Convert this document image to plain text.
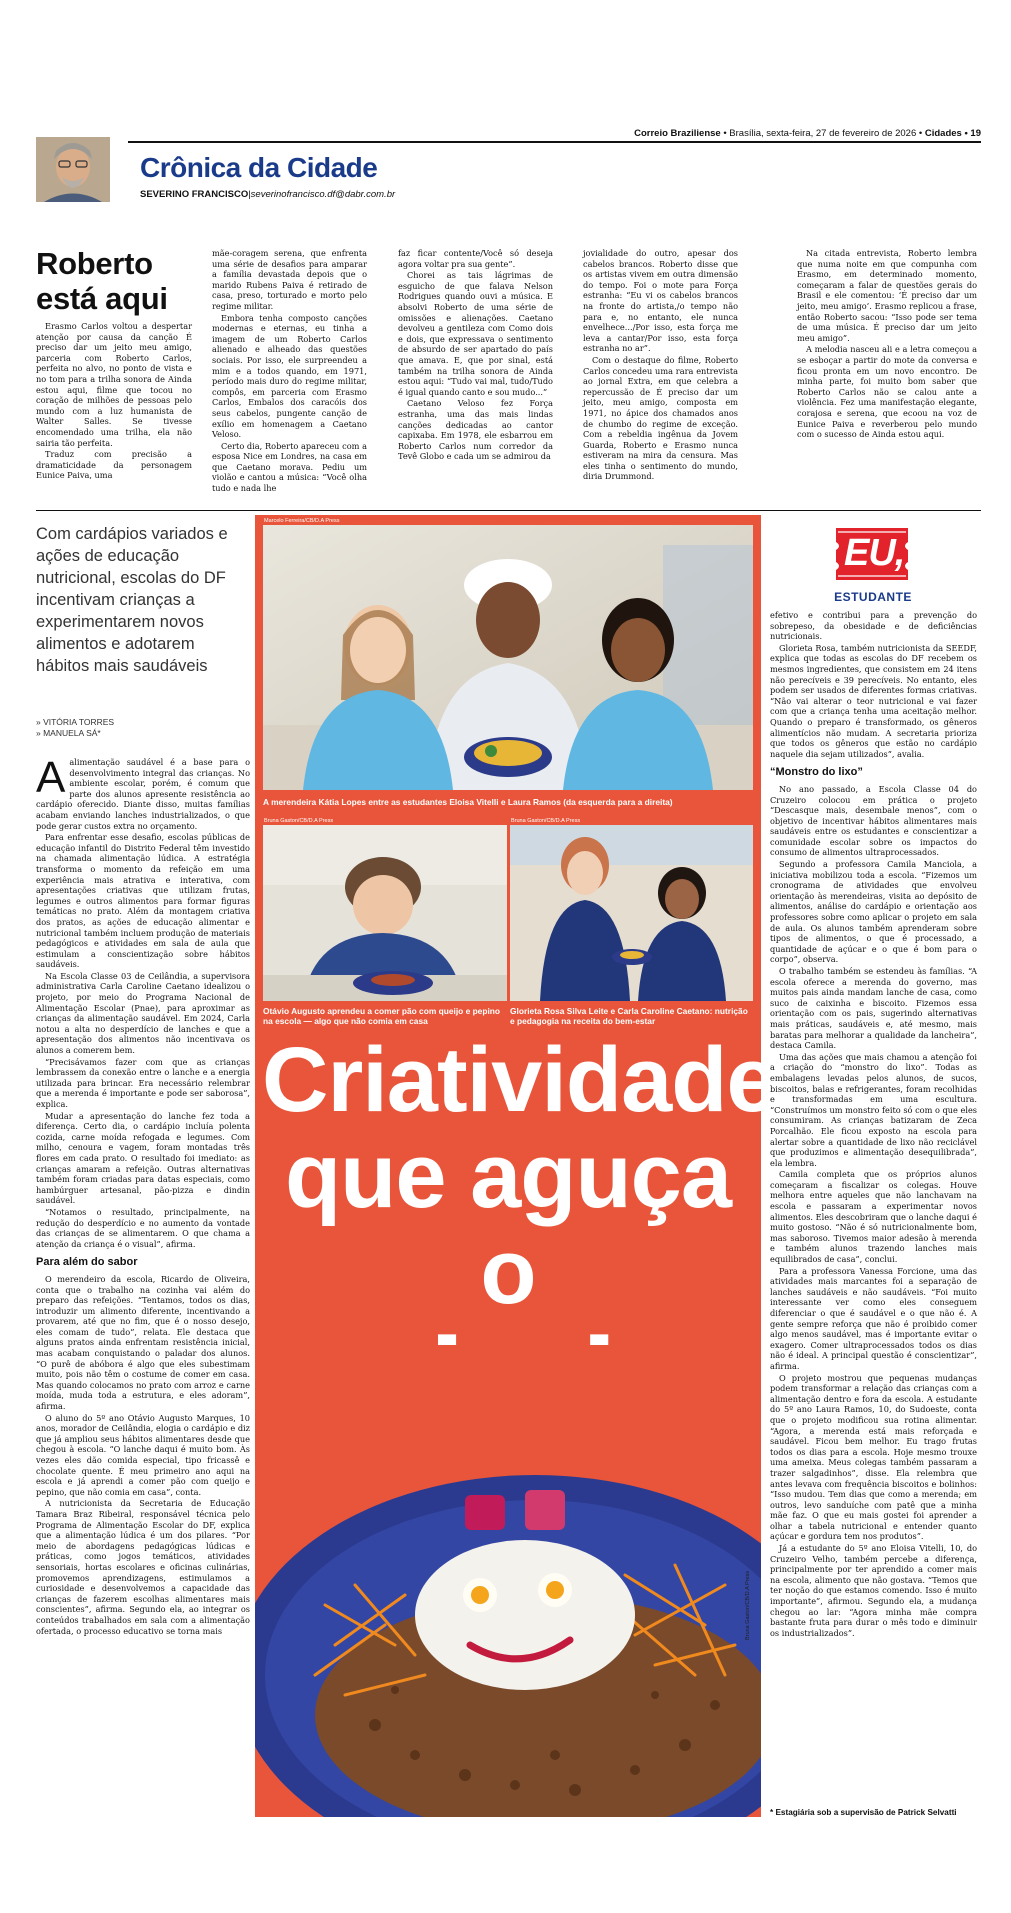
Correio Braziliense • Brasília, sexta-feira, 27 de fevereiro de 2026 • Cidades • 19
Crônica da Cidade
SEVERINO FRANCISCO|severinofrancisco.df@dabr.com.br
Roberto
está aqui

Erasmo Carlos voltou a despertar atenção por causa da canção É preciso dar um jeito meu amigo, parceria com Roberto Carlos, perfeita no alvo, no ponto de vista e no tom para a trilha sonora de Ainda estou aqui, filme que tocou no coração de milhões de pessoas pelo mundo com a luz humanista de Walter Salles. Se tivesse encomendado uma trilha, ela não sairia tão perfeita.

Traduz com precisão a dramaticidade da personagem Eunice Paiva, uma

mãe-coragem serena, que enfrenta uma série de desafios para amparar a família devastada depois que o marido Rubens Paiva é retirado de casa, preso, torturado e morto pelo regime militar.

Embora tenha composto canções modernas e eternas, eu tinha a imagem de um Roberto Carlos alienado e alheado das questões sociais. Por isso, ele surpreendeu a mim e a todos quando, em 1971, período mais duro do regime militar, compôs, em parceria com Erasmo Carlos, Embalos dos caracóis dos seus cabelos, pungente canção de exílio em homenagem a Caetano Veloso.

Certo dia, Roberto apareceu com a esposa Nice em Londres, na casa em que Caetano morava. Pediu um violão e cantou a música: “Você olha tudo e nada lhe

faz ficar contente/Você só deseja agora voltar pra sua gente”.

Chorei as tais lágrimas de esguicho de que falava Nelson Rodrigues quando ouvi a música. E absolvi Roberto de uma série de omissões e alienações. Caetano devolveu a gentileza com Como dois e dois, que expressava o sentimento de absurdo de ser apartado do país que amava. E, que por sinal, está também na trilha sonora de Ainda estou aqui: “Tudo vai mal, tudo/Tudo é igual quando canto e sou mudo...”

Caetano Veloso fez Força estranha, uma das mais lindas canções dedicadas ao cantor capixaba. Em 1978, ele esbarrou em Roberto Carlos num corredor da Tevê Globo e cada um se admirou da

jovialidade do outro, apesar dos cabelos brancos. Roberto disse que os artistas vivem em outra dimensão do tempo. Foi o mote para Força estranha: “Eu vi os cabelos brancos na fronte do artista,/o tempo não para e, no entanto, ele nunca envelhece.../Por isso, esta força me leva a cantar/Por isso, esta força estranha no ar”.

Com o destaque do filme, Roberto Carlos concedeu uma rara entrevista ao jornal Extra, em que celebra a repercussão de É preciso dar um jeito, meu amigo, composta em 1971, no ápice dos chamados anos de chumbo do regime de exceção. Com a rebeldia ingênua da Jovem Guarda, Roberto e Erasmo nunca estiveram na mira da censura. Mas eles tinha o sentimento do mundo, diria Drummond.

Na citada entrevista, Roberto lembra que numa noite em que compunha com Erasmo, em determinado momento, começaram a falar de questões gerais do Brasil e ele comentou: ‘É preciso dar um jeito, meu amigo’. Erasmo replicou a frase, então Roberto sacou: “Isso pode ser tema de uma música. É preciso dar um jeito meu amigo”.

A melodia nasceu ali e a letra começou a se esboçar a partir do mote da conversa e ficou pronta em um novo encontro. De minha parte, foi muito bom saber que Roberto Carlos não se calou ante a violência. Fez uma manifestação elegante, corajosa e serena, que ecoou na voz de Eunice Paiva e reverberou pelo mundo com o sucesso de Ainda estou aqui.

Com cardápios variados e ações de educação nutricional, escolas do DF incentivam crianças a experimentarem novos alimentos e adotarem hábitos mais saudáveis
» VITÓRIA TORRES
» MANUELA SÁ*

Aalimentação saudável é a base para o desenvolvimento integral das crianças. No ambiente escolar, porém, é comum que parte dos alunos apresente resistência ao cardápio oferecido. Diante disso, muitas famílias acabam enviando lanches industrializados, o que pode gerar custos extra no orçamento.

Para enfrentar esse desafio, escolas públicas de educação infantil do Distrito Federal têm investido na chamada alimentação lúdica. A estratégia transforma o momento da refeição em uma experiência mais atrativa e interativa, com apresentações criativas que utilizam frutas, legumes e outros alimentos para formar figuras temáticas no prato. Além da montagem criativa dos pratos, as ações de educação alimentar e nutricional também incluem produção de materiais pedagógicos e atividades em sala de aula que estimulam a conscientização sobre hábitos saudáveis.

Na Escola Classe 03 de Ceilândia, a supervisora administrativa Carla Caroline Caetano idealizou o projeto, por meio do Programa Nacional de Alimentação Escolar (Pnae), para aproximar as crianças da alimentação saudável. Em 2024, Carla notou a alta no desperdício de lanches e que a apresentação dos alimentos não incentivava os alunos a comerem bem.

“Precisávamos fazer com que as crianças lembrassem da conexão entre o lanche e a energia utilizada para brincar. Era necessário relembrar que a merenda é importante e pode ser saborosa”, explica.

Mudar a apresentação do lanche fez toda a diferença. Certo dia, o cardápio incluía polenta cozida, carne moída refogada e legumes. Com milho, cenoura e vagem, foram montadas três flores em cada prato. O resultado foi imediato: as crianças amaram a refeição. Outras alternativas também foram criadas para datas especiais, como hambúrguer artesanal, pão-pizza e dindin saudável.

“Notamos o resultado, principalmente, na redução do desperdício e no aumento da vontade das crianças de se alimentarem. O que chama a atenção da criança é o visual”, afirma.

Para além do sabor

O merendeiro da escola, Ricardo de Oliveira, conta que o trabalho na cozinha vai além do preparo das refeições. “Tentamos, todos os dias, introduzir um alimento diferente, incentivando a provarem, até que no fim, que é o nosso desejo, eles comam de tudo”, relata. Ele destaca que alguns pratos ainda enfrentam resistência inicial, mas acabam conquistando o paladar dos alunos. “O purê de abóbora é algo que eles subestimam muito, pois não têm o costume de comer em casa. Mas quando colocamos no prato com arroz e carne moída, muda toda a estrutura, e eles adoram”, afirma.

O aluno do 5º ano Otávio Augusto Marques, 10 anos, morador de Ceilândia, elogia o cardápio e diz que já ampliou seus hábitos alimentares desde que chegou à escola. “O lanche daqui é muito bom. Às vezes eles dão comida especial, tipo fricassê e chocolate quente. É meu primeiro ano aqui na escola e já aprendi a comer pão com queijo e pepino, que não comia em casa”, conta.

A nutricionista da Secretaria de Educação Tamara Braz Ribeiral, responsável técnica pelo Programa de Alimentação Escolar do DF, explica que a alimentação lúdica é um dos pilares. “Por meio de abordagens pedagógicas lúdicas e práticas, como jogos temáticos, atividades sensoriais, hortas escolares e oficinas culinárias, promovemos aprendizagens, estimulamos a curiosidade e desenvolvemos a capacidade das crianças de fazerem escolhas alimentares mais conscientes”, afirma. Segundo ela, ao integrar os conteúdos trabalhados em sala com a alimentação ofertada, o processo educativo se torna mais

Marcelo Ferreira/CB/D.A Press
A merendeira Kátia Lopes entre as estudantes Eloisa Vitelli e Laura Ramos (da esquerda para a direita)
Bruna Gaston/CB/D.A Press
Otávio Augusto aprendeu a comer pão com queijo e pepino na escola — algo que não comia em casa
Bruna Gaston/CB/D.A Press
Glorieta Rosa Silva Leite e Carla Caroline Caetano: nutrição e pedagogia na receita do bem-estar
Criatividade
que aguça o
Bruna Gaston/CB/D.A Press
EU,
ESTUDANTE

efetivo e contribui para a prevenção do sobrepeso, da obesidade e de deficiências nutricionais.

Glorieta Rosa, também nutricionista da SEEDF, explica que todas as escolas do DF recebem os mesmos ingredientes, que consistem em 24 itens não perecíveis e 39 perecíveis. No entanto, eles podem ser usados de diferentes formas criativas. “Não vai alterar o teor nutricional e vai fazer com que a criança tenha uma aceitação melhor. Quando o preparo é transformado, os gêneros alimentícios não mudam. A secretaria prioriza que todos os gêneros que estão no cardápio naquele dia sejam utilizados”, avalia.

“Monstro do lixo”

No ano passado, a Escola Classe 04 do Cruzeiro colocou em prática o projeto “Descasque mais, desembale menos”, com o objetivo de incentivar hábitos alimentares mais saudáveis entre os estudantes e conscientizar a comunidade escolar sobre os impactos do consumo de alimentos ultraprocessados.

Segundo a professora Camila Manciola, a iniciativa mobilizou toda a escola. “Fizemos um cronograma de atividades que envolveu orientação às merendeiras, visita ao depósito de alimentos, análise do cardápio e orientação aos professores sobre como aplicar o projeto em sala de aula. Os alunos também aprenderam sobre tipos de alimentos, o que é processado, a quantidade de açúcar e o que é bom para o corpo”, observa.

O trabalho também se estendeu às famílias. “A escola oferece a merenda do governo, mas muitos pais ainda mandam lanche de casa, como suco de caixinha e biscoito. Fizemos essa orientação com os pais, sugerindo alternativas mais práticas, saudáveis e, até mesmo, mais baratas para melhorar a qualidade da lancheira”, destaca Camila.

Uma das ações que mais chamou a atenção foi a criação do “monstro do lixo”. Todas as embalagens levadas pelos alunos, de sucos, biscoitos, balas e refrigerantes, foram recolhidas e transformadas em uma escultura. “Construímos um monstro feito só com o que eles consumiram. As crianças batizaram de Zeca Porcalhão. Ele ficou exposto na escola para alertar sobre a quantidade de lixo não reciclável que produzimos e alimentação desequilibrada”, ela lembra.

Camila completa que os próprios alunos começaram a fiscalizar os colegas. Houve melhora entre aqueles que não lanchavam na escola e passaram a experimentar novos alimentos. Eles descobriram que o lanche daqui é muito gostoso. “Não é só nutricionalmente bom, mas saboroso. Tivemos maior adesão à merenda e também alunos trazendo lanches mais equilibrados de casa”, conclui.

Para a professora Vanessa Forcione, uma das atividades mais marcantes foi a separação de lanches saudáveis e não saudáveis. “Foi muito interessante ver como eles conseguem diferenciar o que é saudável e o que não é. A gente sempre reforça que não é proibido comer algo menos saudável, mas é importante evitar o exagero. Comer ultraprocessados todos os dias não é ideal. A principal questão é conscientizar”, afirma.

O projeto mostrou que pequenas mudanças podem transformar a relação das crianças com a alimentação dentro e fora da escola. A estudante do 5º ano Laura Ramos, 10, do Sudoeste, conta que o projeto modificou sua rotina alimentar. “Agora, a merenda está mais reforçada e saudável. Ficou bem melhor. Eu trago frutas todos os dias para a escola. Hoje mesmo trouxe uma ameixa. Meus colegas também passaram a trazer salgadinhos”, disse. Ela relembra que antes levava com frequência biscoitos e bolinhos: “Isso mudou. Tem dias que como a merenda; em outros, levo sanduíche com patê que a minha mãe faz. O que eu mais gostei foi aprender a olhar a tabela nutricional e entender quanto açúcar e gordura tem nos produtos”.

Já a estudante do 5º ano Eloisa Vitelli, 10, do Cruzeiro Velho, também percebe a diferença, principalmente por ter aprendido a comer mais na escola, alimento que não gostava. “Temos que ter noção do que estamos comendo. Isso é muito importante”, afirmou. Segundo ela, a mudança chegou ao lar: “Agora minha mãe compra bastante fruta para durar o mês todo e diminuir os industrializados”.

* Estagiária sob a supervisão de Patrick Selvatti
